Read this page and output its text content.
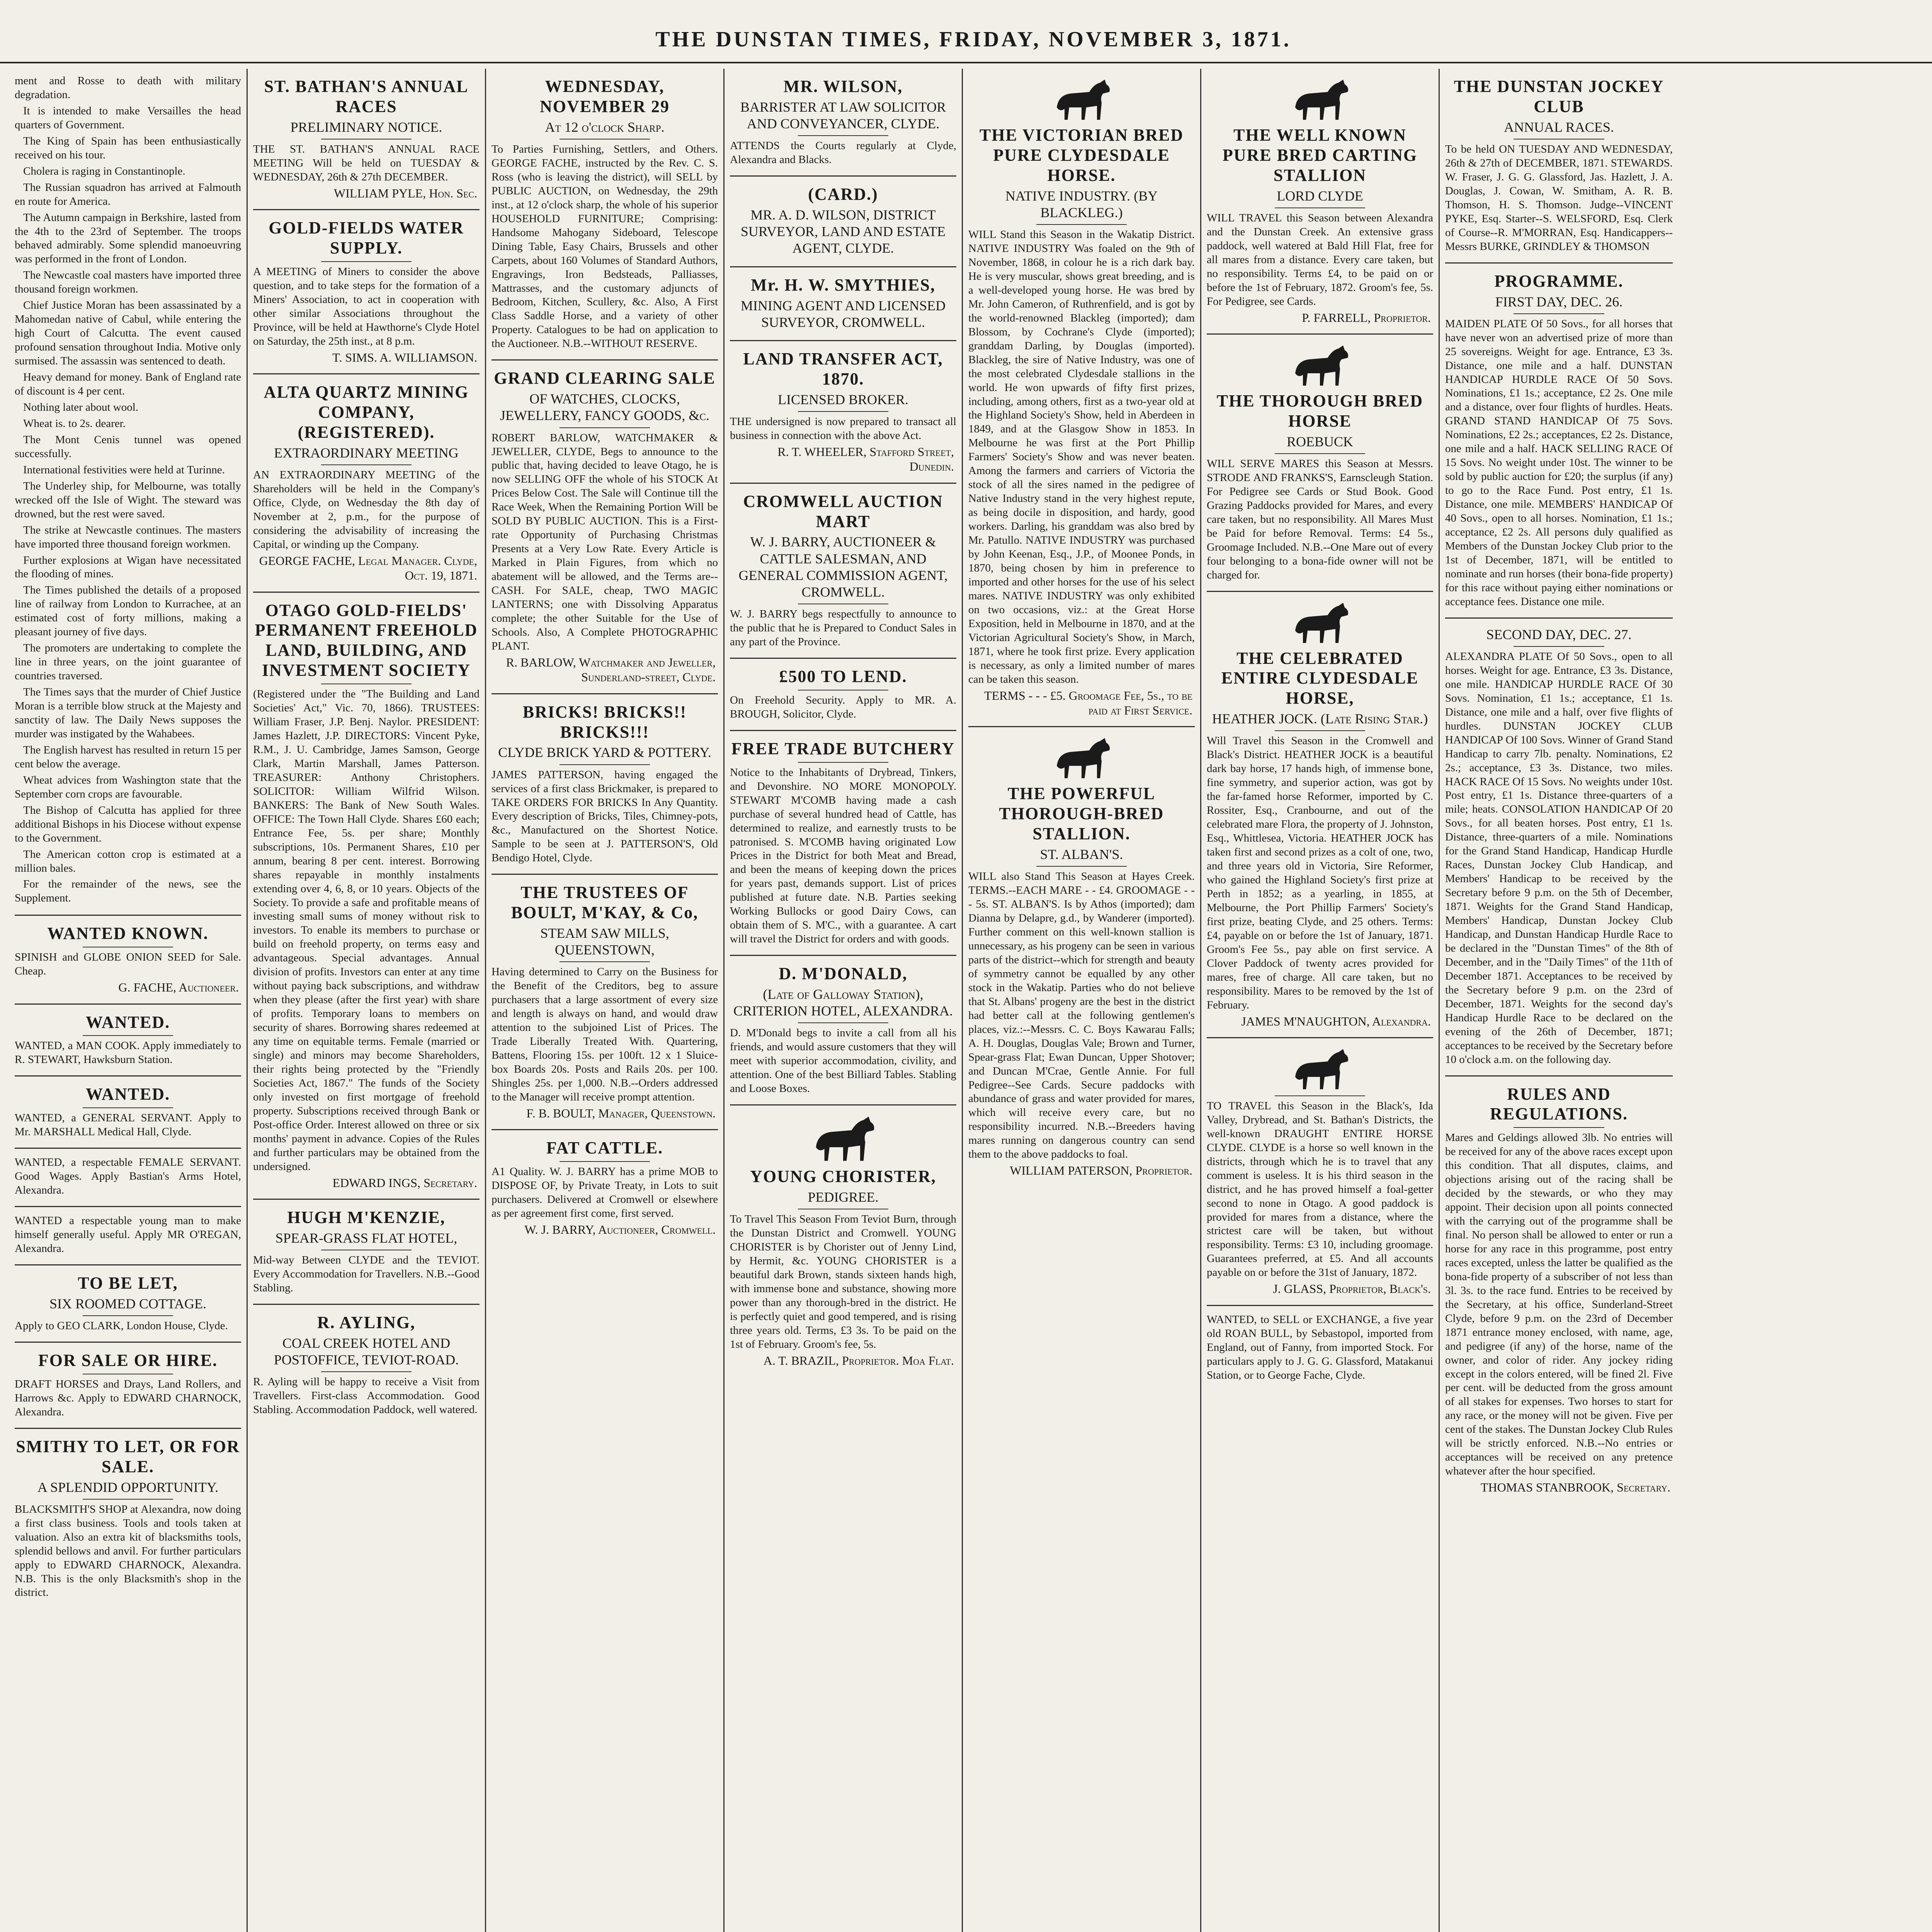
THE DUNSTAN TIMES, FRIDAY, NOVEMBER 3, 1871.

ment and Rosse to death with military degradation.

It is intended to make Versailles the head quarters of Government.

The King of Spain has been enthusiastically received on his tour.

Cholera is raging in Constantinople.

The Russian squadron has arrived at Falmouth en route for America.

The Autumn campaign in Berkshire, lasted from the 4th to the 23rd of September. The troops behaved admirably. Some splendid manoeuvring was performed in the front of London.

The Newcastle coal masters have imported three thousand foreign workmen.

Chief Justice Moran has been assassinated by a Mahomedan native of Cabul, while entering the high Court of Calcutta. The event caused profound sensation throughout India. Motive only surmised. The assassin was sentenced to death.

Heavy demand for money. Bank of England rate of discount is 4 per cent.

Nothing later about wool.

Wheat is. to 2s. dearer.

The Mont Cenis tunnel was opened successfully.

International festivities were held at Turinne.

The Underley ship, for Melbourne, was totally wrecked off the Isle of Wight. The steward was drowned, but the rest were saved.

The strike at Newcastle continues. The masters have imported three thousand foreign workmen.

Further explosions at Wigan have necessitated the flooding of mines.

The Times published the details of a proposed line of railway from London to Kurrachee, at an estimated cost of forty millions, making a pleasant journey of five days.

The promoters are undertaking to complete the line in three years, on the joint guarantee of countries traversed.

The Times says that the murder of Chief Justice Moran is a terrible blow struck at the Majesty and sanctity of law. The Daily News supposes the murder was instigated by the Wahabees.

The English harvest has resulted in return 15 per cent below the average.

Wheat advices from Washington state that the September corn crops are favourable.

The Bishop of Calcutta has applied for three additional Bishops in his Diocese without expense to the Government.

The American cotton crop is estimated at a million bales.

For the remainder of the news, see the Supplement.

WANTED KNOWN.
SPINISH and GLOBE ONION SEED for Sale. Cheap.
G. FACHE, Auctioneer.
WANTED.
WANTED, a MAN COOK. Apply immediately to R. STEWART, Hawksburn Station.
WANTED.
WANTED, a GENERAL SERVANT. Apply to Mr. MARSHALL Medical Hall, Clyde.
WANTED, a respectable FEMALE SERVANT. Good Wages. Apply Bastian's Arms Hotel, Alexandra.
WANTED a respectable young man to make himself generally useful. Apply MR O'REGAN, Alexandra.
TO BE LET,
SIX ROOMED COTTAGE.
Apply to GEO CLARK, London House, Clyde.
FOR SALE OR HIRE.
DRAFT HORSES and Drays, Land Rollers, and Harrows &c. Apply to EDWARD CHARNOCK, Alexandra.
SMITHY TO LET, OR FOR SALE.
A SPLENDID OPPORTUNITY.
BLACKSMITH'S SHOP at Alexandra, now doing a first class business. Tools and tools taken at valuation. Also an extra kit of blacksmiths tools, splendid bellows and anvil. For further particulars apply to EDWARD CHARNOCK, Alexandra. N.B. This is the only Blacksmith's shop in the district.
ST. BATHAN'S ANNUAL RACES
PRELIMINARY NOTICE.
THE ST. BATHAN'S ANNUAL RACE MEETING Will be held on TUESDAY & WEDNESDAY, 26th & 27th DECEMBER.
WILLIAM PYLE, Hon. Sec.
GOLD-FIELDS WATER SUPPLY.
A MEETING of Miners to consider the above question, and to take steps for the formation of a Miners' Association, to act in cooperation with other similar Associations throughout the Province, will be held at Hawthorne's Clyde Hotel on Saturday, the 25th inst., at 8 p.m.
T. SIMS. A. WILLIAMSON.
ALTA QUARTZ MINING COMPANY, (REGISTERED).
EXTRAORDINARY MEETING
AN EXTRAORDINARY MEETING of the Shareholders will be held in the Company's Office, Clyde, on Wednesday the 8th day of November at 2, p.m., for the purpose of considering the advisability of increasing the Capital, or winding up the Company.
GEORGE FACHE, Legal Manager. Clyde, Oct. 19, 1871.
OTAGO GOLD-FIELDS' PERMANENT FREEHOLD LAND, BUILDING, AND INVESTMENT SOCIETY
(Registered under the "The Building and Land Societies' Act," Vic. 70, 1866). TRUSTEES: William Fraser, J.P. Benj. Naylor. PRESIDENT: James Hazlett, J.P. DIRECTORS: Vincent Pyke, R.M., J. U. Cambridge, James Samson, George Clark, Martin Marshall, James Patterson. TREASURER: Anthony Christophers. SOLICITOR: William Wilfrid Wilson. BANKERS: The Bank of New South Wales. OFFICE: The Town Hall Clyde. Shares £60 each; Entrance Fee, 5s. per share; Monthly subscriptions, 10s. Permanent Shares, £10 per annum, bearing 8 per cent. interest. Borrowing shares repayable in monthly instalments extending over 4, 6, 8, or 10 years. Objects of the Society. To provide a safe and profitable means of investing small sums of money without risk to investors. To enable its members to purchase or build on freehold property, on terms easy and advantageous. Special advantages. Annual division of profits. Investors can enter at any time without paying back subscriptions, and withdraw when they please (after the first year) with share of profits. Temporary loans to members on security of shares. Borrowing shares redeemed at any time on equitable terms. Female (married or single) and minors may become Shareholders, their rights being protected by the "Friendly Societies Act, 1867." The funds of the Society only invested on first mortgage of freehold property. Subscriptions received through Bank or Post-office Order. Interest allowed on three or six months' payment in advance. Copies of the Rules and further particulars may be obtained from the undersigned.
EDWARD INGS, Secretary.
HUGH M'KENZIE,
SPEAR-GRASS FLAT HOTEL,
Mid-way Between CLYDE and the TEVIOT. Every Accommodation for Travellers. N.B.--Good Stabling.
R. AYLING,
COAL CREEK HOTEL AND POSTOFFICE, TEVIOT-ROAD.
R. Ayling will be happy to receive a Visit from Travellers. First-class Accommodation. Good Stabling. Accommodation Paddock, well watered.
WEDNESDAY, NOVEMBER 29
At 12 o'clock Sharp.
To Parties Furnishing, Settlers, and Others. GEORGE FACHE, instructed by the Rev. C. S. Ross (who is leaving the district), will SELL by PUBLIC AUCTION, on Wednesday, the 29th inst., at 12 o'clock sharp, the whole of his superior HOUSEHOLD FURNITURE; Comprising: Handsome Mahogany Sideboard, Telescope Dining Table, Easy Chairs, Brussels and other Carpets, about 160 Volumes of Standard Authors, Engravings, Iron Bedsteads, Palliasses, Mattrasses, and the customary adjuncts of Bedroom, Kitchen, Scullery, &c. Also, A First Class Saddle Horse, and a variety of other Property. Catalogues to be had on application to the Auctioneer. N.B.--WITHOUT RESERVE.
GRAND CLEARING SALE
OF WATCHES, CLOCKS, JEWELLERY, FANCY GOODS, &c.
ROBERT BARLOW, WATCHMAKER & JEWELLER, CLYDE, Begs to announce to the public that, having decided to leave Otago, he is now SELLING OFF the whole of his STOCK At Prices Below Cost. The Sale will Continue till the Race Week, When the Remaining Portion Will be SOLD BY PUBLIC AUCTION. This is a First-rate Opportunity of Purchasing Christmas Presents at a Very Low Rate. Every Article is Marked in Plain Figures, from which no abatement will be allowed, and the Terms are--CASH. For SALE, cheap, TWO MAGIC LANTERNS; one with Dissolving Apparatus complete; the other Suitable for the Use of Schools. Also, A Complete PHOTOGRAPHIC PLANT.
R. BARLOW, Watchmaker and Jeweller, Sunderland-street, Clyde.
BRICKS! BRICKS!! BRICKS!!!
CLYDE BRICK YARD & POTTERY.
JAMES PATTERSON, having engaged the services of a first class Brickmaker, is prepared to TAKE ORDERS FOR BRICKS In Any Quantity. Every description of Bricks, Tiles, Chimney-pots, &c., Manufactured on the Shortest Notice. Sample to be seen at J. PATTERSON'S, Old Bendigo Hotel, Clyde.
THE TRUSTEES OF BOULT, M'KAY, & Co,
STEAM SAW MILLS, QUEENSTOWN,
Having determined to Carry on the Business for the Benefit of the Creditors, beg to assure purchasers that a large assortment of every size and length is always on hand, and would draw attention to the subjoined List of Prices. The Trade Liberally Treated With. Quartering, Battens, Flooring 15s. per 100ft. 12 x 1 Sluice-box Boards 20s. Posts and Rails 20s. per 100. Shingles 25s. per 1,000. N.B.--Orders addressed to the Manager will receive prompt attention.
F. B. BOULT, Manager, Queenstown.
FAT CATTLE.
A1 Quality. W. J. BARRY has a prime MOB to DISPOSE OF, by Private Treaty, in Lots to suit purchasers. Delivered at Cromwell or elsewhere as per agreement first come, first served.
W. J. BARRY, Auctioneer, Cromwell.
MR. WILSON,
BARRISTER AT LAW SOLICITOR AND CONVEYANCER, CLYDE.
ATTENDS the Courts regularly at Clyde, Alexandra and Blacks.
(CARD.)
MR. A. D. WILSON, DISTRICT SURVEYOR, LAND AND ESTATE AGENT, CLYDE.
Mr. H. W. SMYTHIES,
MINING AGENT AND LICENSED SURVEYOR, CROMWELL.
LAND TRANSFER ACT, 1870.
LICENSED BROKER.
THE undersigned is now prepared to transact all business in connection with the above Act.
R. T. WHEELER, Stafford Street, Dunedin.
CROMWELL AUCTION MART
W. J. BARRY, AUCTIONEER & CATTLE SALESMAN, AND GENERAL COMMISSION AGENT, CROMWELL.
W. J. BARRY begs respectfully to announce to the public that he is Prepared to Conduct Sales in any part of the Province.
£500 TO LEND.
On Freehold Security. Apply to MR. A. BROUGH, Solicitor, Clyde.
FREE TRADE BUTCHERY
Notice to the Inhabitants of Drybread, Tinkers, and Devonshire. NO MORE MONOPOLY. STEWART M'COMB having made a cash purchase of several hundred head of Cattle, has determined to realize, and earnestly trusts to be patronised. S. M'COMB having originated Low Prices in the District for both Meat and Bread, and been the means of keeping down the prices for years past, demands support. List of prices published at future date. N.B. Parties seeking Working Bullocks or good Dairy Cows, can obtain them of S. M'C., with a guarantee. A cart will travel the District for orders and with goods.
D. M'DONALD,
(Late of Galloway Station), CRITERION HOTEL, ALEXANDRA.
D. M'Donald begs to invite a call from all his friends, and would assure customers that they will meet with superior accommodation, civility, and attention. One of the best Billiard Tables. Stabling and Loose Boxes.
YOUNG CHORISTER,
PEDIGREE.
To Travel This Season From Teviot Burn, through the Dunstan District and Cromwell. YOUNG CHORISTER is by Chorister out of Jenny Lind, by Hermit, &c. YOUNG CHORISTER is a beautiful dark Brown, stands sixteen hands high, with immense bone and substance, showing more power than any thorough-bred in the district. He is perfectly quiet and good tempered, and is rising three years old. Terms, £3 3s. To be paid on the 1st of February. Groom's fee, 5s.
A. T. BRAZIL, Proprietor. Moa Flat.
THE VICTORIAN BRED PURE CLYDESDALE HORSE.
NATIVE INDUSTRY. (BY BLACKLEG.)
WILL Stand this Season in the Wakatip District. NATIVE INDUSTRY Was foaled on the 9th of November, 1868, in colour he is a rich dark bay. He is very muscular, shows great breeding, and is a well-developed young horse. He was bred by Mr. John Cameron, of Ruthrenfield, and is got by the world-renowned Blackleg (imported); dam Blossom, by Cochrane's Clyde (imported); granddam Darling, by Douglas (imported). Blackleg, the sire of Native Industry, was one of the most celebrated Clydesdale stallions in the world. He won upwards of fifty first prizes, including, among others, first as a two-year old at the Highland Society's Show, held in Aberdeen in 1849, and at the Glasgow Show in 1853. In Melbourne he was first at the Port Phillip Farmers' Society's Show and was never beaten. Among the farmers and carriers of Victoria the stock of all the sires named in the pedigree of Native Industry stand in the very highest repute, as being docile in disposition, and hardy, good workers. Darling, his granddam was also bred by Mr. Patullo. NATIVE INDUSTRY was purchased by John Keenan, Esq., J.P., of Moonee Ponds, in 1870, being chosen by him in preference to imported and other horses for the use of his select mares. NATIVE INDUSTRY was only exhibited on two occasions, viz.: at the Great Horse Exposition, held in Melbourne in 1870, and at the Victorian Agricultural Society's Show, in March, 1871, where he took first prize. Every application is necessary, as only a limited number of mares can be taken this season.
TERMS - - - £5. Groomage Fee, 5s., to be paid at First Service.
THE POWERFUL THOROUGH-BRED STALLION.
ST. ALBAN'S.
WILL also Stand This Season at Hayes Creek. TERMS.--EACH MARE - - £4. GROOMAGE - - - 5s. ST. ALBAN'S. Is by Athos (imported); dam Dianna by Delapre, g.d., by Wanderer (imported). Further comment on this well-known stallion is unnecessary, as his progeny can be seen in various parts of the district--which for strength and beauty of symmetry cannot be equalled by any other stock in the Wakatip. Parties who do not believe that St. Albans' progeny are the best in the district had better call at the following gentlemen's places, viz.:--Messrs. C. C. Boys Kawarau Falls; A. H. Douglas, Douglas Vale; Brown and Turner, Spear-grass Flat; Ewan Duncan, Upper Shotover; and Duncan M'Crae, Gentle Annie. For full Pedigree--See Cards. Secure paddocks with abundance of grass and water provided for mares, which will receive every care, but no responsibility incurred. N.B.--Breeders having mares running on dangerous country can send them to the above paddocks to foal.
WILLIAM PATERSON, Proprietor.
THE WELL KNOWN PURE BRED CARTING STALLION
LORD CLYDE
WILL TRAVEL this Season between Alexandra and the Dunstan Creek. An extensive grass paddock, well watered at Bald Hill Flat, free for all mares from a distance. Every care taken, but no responsibility. Terms £4, to be paid on or before the 1st of February, 1872. Groom's fee, 5s. For Pedigree, see Cards.
P. FARRELL, Proprietor.
THE THOROUGH BRED HORSE
ROEBUCK
WILL SERVE MARES this Season at Messrs. STRODE AND FRANKS'S, Earnscleugh Station. For Pedigree see Cards or Stud Book. Good Grazing Paddocks provided for Mares, and every care taken, but no responsibility. All Mares Must be Paid for before Removal. Terms: £4 5s., Groomage Included. N.B.--One Mare out of every four belonging to a bona-fide owner will not be charged for.
THE CELEBRATED ENTIRE CLYDESDALE HORSE,
HEATHER JOCK. (Late Rising Star.)
Will Travel this Season in the Cromwell and Black's District. HEATHER JOCK is a beautiful dark bay horse, 17 hands high, of immense bone, fine symmetry, and superior action, was got by the far-famed horse Reformer, imported by C. Rossiter, Esq., Cranbourne, and out of the celebrated mare Flora, the property of J. Johnston, Esq., Whittlesea, Victoria. HEATHER JOCK has taken first and second prizes as a colt of one, two, and three years old in Victoria, Sire Reformer, who gained the Highland Society's first prize at Perth in 1852; as a yearling, in 1855, at Melbourne, the Port Phillip Farmers' Society's first prize, beating Clyde, and 25 others. Terms: £4, payable on or before the 1st of January, 1871. Groom's Fee 5s., pay able on first service. A Clover Paddock of twenty acres provided for mares, free of charge. All care taken, but no responsibility. Mares to be removed by the 1st of February.
JAMES M'NAUGHTON, Alexandra.
TO TRAVEL this Season in the Black's, Ida Valley, Drybread, and St. Bathan's Districts, the well-known DRAUGHT ENTIRE HORSE CLYDE. CLYDE is a horse so well known in the districts, through which he is to travel that any comment is useless. It is his third season in the district, and he has proved himself a foal-getter second to none in Otago. A good paddock is provided for mares from a distance, where the strictest care will be taken, but without responsibility. Terms: £3 10, including groomage. Guarantees preferred, at £5. And all accounts payable on or before the 31st of January, 1872.
J. GLASS, Proprietor, Black's.
WANTED, to SELL or EXCHANGE, a five year old ROAN BULL, by Sebastopol, imported from England, out of Fanny, from imported Stock. For particulars apply to J. G. G. Glassford, Matakanui Station, or to George Fache, Clyde.
THE DUNSTAN JOCKEY CLUB
ANNUAL RACES.
To be held ON TUESDAY AND WEDNESDAY, 26th & 27th of DECEMBER, 1871. STEWARDS. W. Fraser, J. G. G. Glassford, Jas. Hazlett, J. A. Douglas, J. Cowan, W. Smitham, A. R. B. Thomson, H. S. Thomson. Judge--VINCENT PYKE, Esq. Starter--S. WELSFORD, Esq. Clerk of Course--R. M'MORRAN, Esq. Handicappers--Messrs BURKE, GRINDLEY & THOMSON
PROGRAMME.
FIRST DAY, DEC. 26.
MAIDEN PLATE Of 50 Sovs., for all horses that have never won an advertised prize of more than 25 sovereigns. Weight for age. Entrance, £3 3s. Distance, one mile and a half. DUNSTAN HANDICAP HURDLE RACE Of 50 Sovs. Nominations, £1 1s.; acceptance, £2 2s. One mile and a distance, over four flights of hurdles. Heats. GRAND STAND HANDICAP Of 75 Sovs. Nominations, £2 2s.; acceptances, £2 2s. Distance, one mile and a half. HACK SELLING RACE Of 15 Sovs. No weight under 10st. The winner to be sold by public auction for £20; the surplus (if any) to go to the Race Fund. Post entry, £1 1s. Distance, one mile. MEMBERS' HANDICAP Of 40 Sovs., open to all horses. Nomination, £1 1s.; acceptance, £2 2s. All persons duly qualified as Members of the Dunstan Jockey Club prior to the 1st of December, 1871, will be entitled to nominate and run horses (their bona-fide property) for this race without paying either nominations or acceptance fees. Distance one mile.
SECOND DAY, DEC. 27.
ALEXANDRA PLATE Of 50 Sovs., open to all horses. Weight for age. Entrance, £3 3s. Distance, one mile. HANDICAP HURDLE RACE Of 30 Sovs. Nomination, £1 1s.; acceptance, £1 1s. Distance, one mile and a half, over five flights of hurdles. DUNSTAN JOCKEY CLUB HANDICAP Of 100 Sovs. Winner of Grand Stand Handicap to carry 7lb. penalty. Nominations, £2 2s.; acceptance, £3 3s. Distance, two miles. HACK RACE Of 15 Sovs. No weights under 10st. Post entry, £1 1s. Distance three-quarters of a mile; heats. CONSOLATION HANDICAP Of 20 Sovs., for all beaten horses. Post entry, £1 1s. Distance, three-quarters of a mile. Nominations for the Grand Stand Handicap, Handicap Hurdle Races, Dunstan Jockey Club Handicap, and Members' Handicap to be received by the Secretary before 9 p.m. on the 5th of December, 1871. Weights for the Grand Stand Handicap, Members' Handicap, Dunstan Jockey Club Handicap, and Dunstan Handicap Hurdle Race to be declared in the "Dunstan Times" of the 8th of December, and in the "Daily Times" of the 11th of December 1871. Acceptances to be received by the Secretary before 9 p.m. on the 23rd of December, 1871. Weights for the second day's Handicap Hurdle Race to be declared on the evening of the 26th of December, 1871; acceptances to be received by the Secretary before 10 o'clock a.m. on the following day.
RULES AND REGULATIONS.
Mares and Geldings allowed 3lb. No entries will be received for any of the above races except upon this condition. That all disputes, claims, and objections arising out of the racing shall be decided by the stewards, or who they may appoint. Their decision upon all points connected with the carrying out of the programme shall be final. No person shall be allowed to enter or run a horse for any race in this programme, post entry races excepted, unless the latter be qualified as the bona-fide property of a subscriber of not less than 3l. 3s. to the race fund. Entries to be received by the Secretary, at his office, Sunderland-Street Clyde, before 9 p.m. on the 23rd of December 1871 entrance money enclosed, with name, age, and pedigree (if any) of the horse, name of the owner, and color of rider. Any jockey riding except in the colors entered, will be fined 2l. Five per cent. will be deducted from the gross amount of all stakes for expenses. Two horses to start for any race, or the money will not be given. Five per cent of the stakes. The Dunstan Jockey Club Rules will be strictly enforced. N.B.--No entries or acceptances will be received on any pretence whatever after the hour specified.
THOMAS STANBROOK, Secretary.
